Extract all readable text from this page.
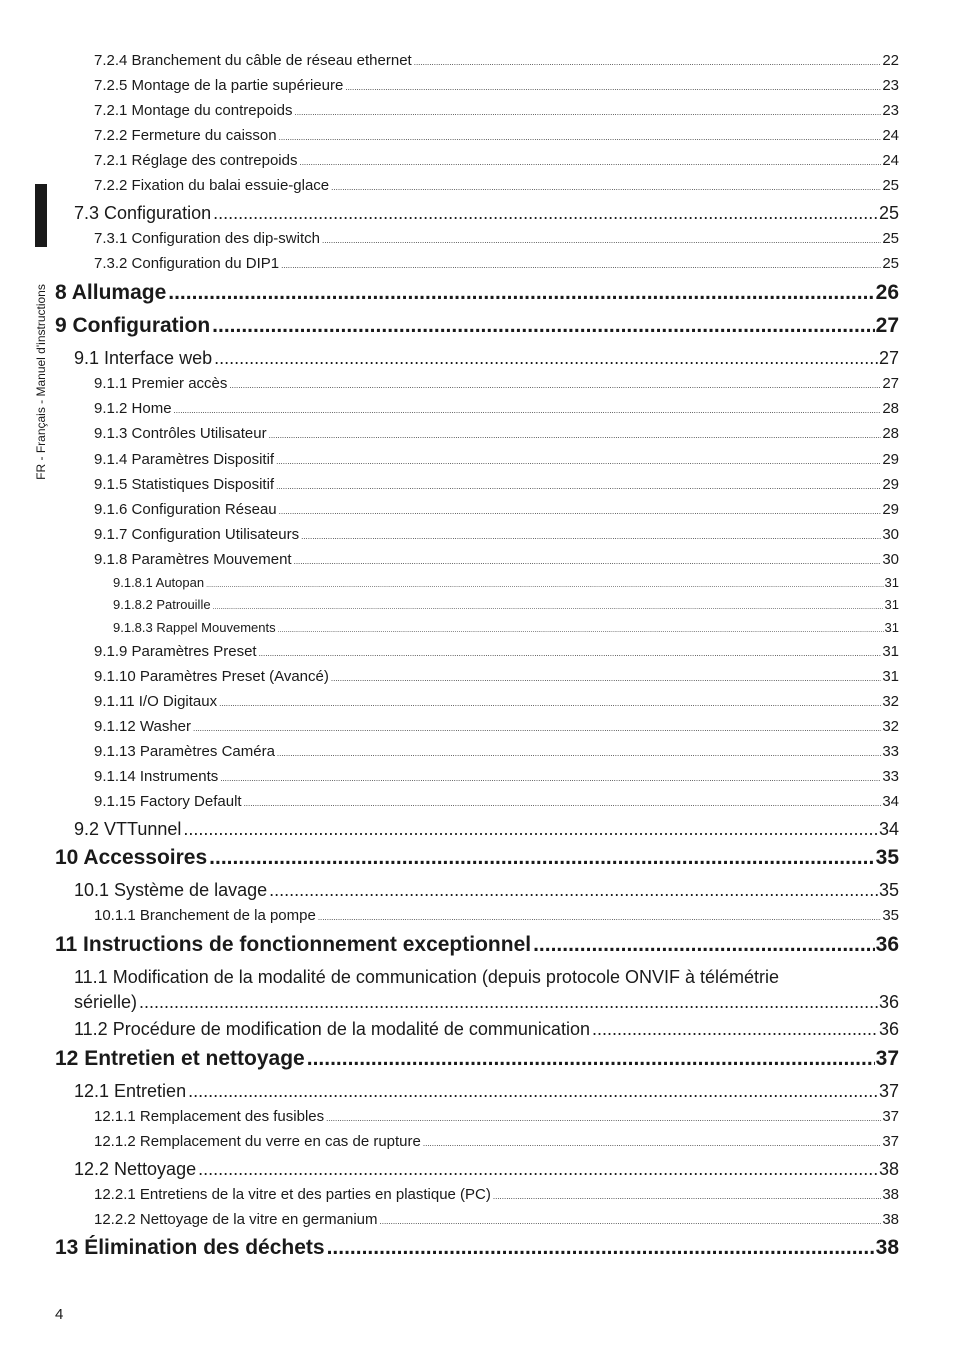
FR - Français - Manuel d'instructions
7.2.4 Branchement du câble de réseau ethernet .....	22
7.2.5 Montage de la partie supérieure .....	23
7.2.1 Montage du contrepoids .....	23
7.2.2 Fermeture du caisson .....	24
7.2.1 Réglage des contrepoids .....	24
7.2.2 Fixation du balai essuie-glace .....	25
7.3 Configuration .....	25
7.3.1 Configuration des dip-switch .....	25
7.3.2 Configuration du DIP1 .....	25
8 Allumage .....	26
9 Configuration .....	27
9.1 Interface web .....	27
9.1.1 Premier accès .....	27
9.1.2 Home .....	28
9.1.3 Contrôles Utilisateur .....	28
9.1.4 Paramètres Dispositif .....	29
9.1.5 Statistiques Dispositif .....	29
9.1.6 Configuration Réseau .....	29
9.1.7 Configuration Utilisateurs .....	30
9.1.8 Paramètres Mouvement .....	30
9.1.8.1 Autopan .....	31
9.1.8.2 Patrouille .....	31
9.1.8.3 Rappel Mouvements .....	31
9.1.9 Paramètres Preset .....	31
9.1.10 Paramètres Preset (Avancé) .....	31
9.1.11 I/O Digitaux .....	32
9.1.12 Washer .....	32
9.1.13 Paramètres Caméra .....	33
9.1.14 Instruments .....	33
9.1.15 Factory Default .....	34
9.2 VTTunnel .....	34
10 Accessoires .....	35
10.1 Système de lavage .....	35
10.1.1 Branchement de la pompe .....	35
11 Instructions de fonctionnement exceptionnel .....	36
11.1 Modification de la modalité de communication (depuis protocole ONVIF à télémétrie
sérielle) .....	36
11.2 Procédure de modification de la modalité de communication .....	36
12 Entretien et nettoyage .....	37
12.1 Entretien .....	37
12.1.1 Remplacement des fusibles .....	37
12.1.2 Remplacement du verre en cas de rupture .....	37
12.2 Nettoyage .....	38
12.2.1 Entretiens de la vitre et des parties en plastique (PC) .....	38
12.2.2 Nettoyage de la vitre en germanium .....	38
13 Élimination des déchets .....	38
4
